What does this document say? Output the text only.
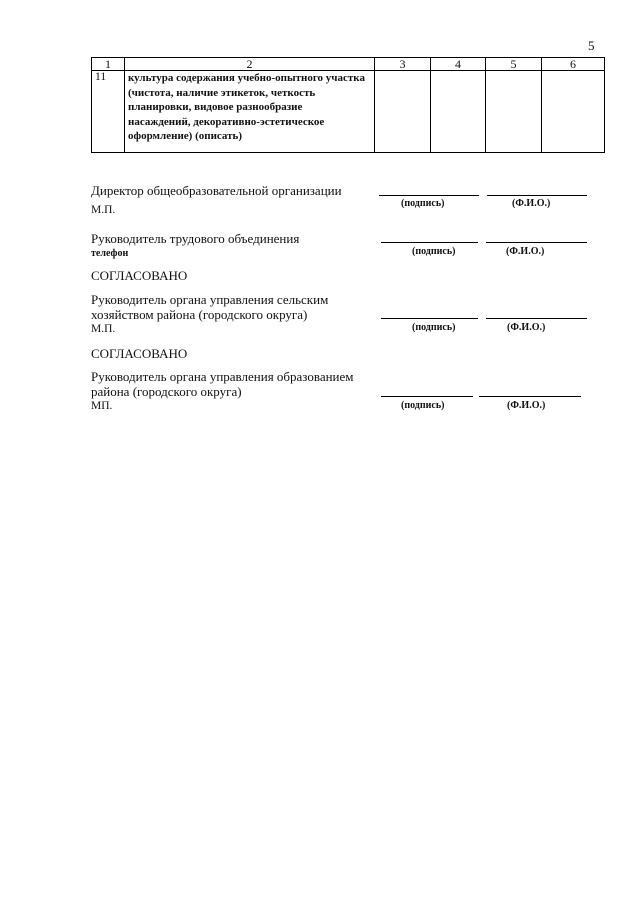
5
1	2	3	4	5	6
11	культура содержания учебно-опытного участка
(чистота, наличие этикеток, четкость
планировки, видовое разнообразие
насаждений, декоративно-эстетическое
оформление) (описать)				

Директор общеобразовательной организации
М.П.
(подпись)	(Ф.И.О.)
Руководитель трудового объединения
телефон	(подпись)	(Ф.И.О.)
СОГЛАСОВАНО
Руководитель органа управления сельским
хозяйством района (городского округа)
М.П.	(подпись)	(Ф.И.О.)
СОГЛАСОВАНО
Руководитель органа управления образованием
района (городского округа)
МП.	(подпись)	(Ф.И.О.)
